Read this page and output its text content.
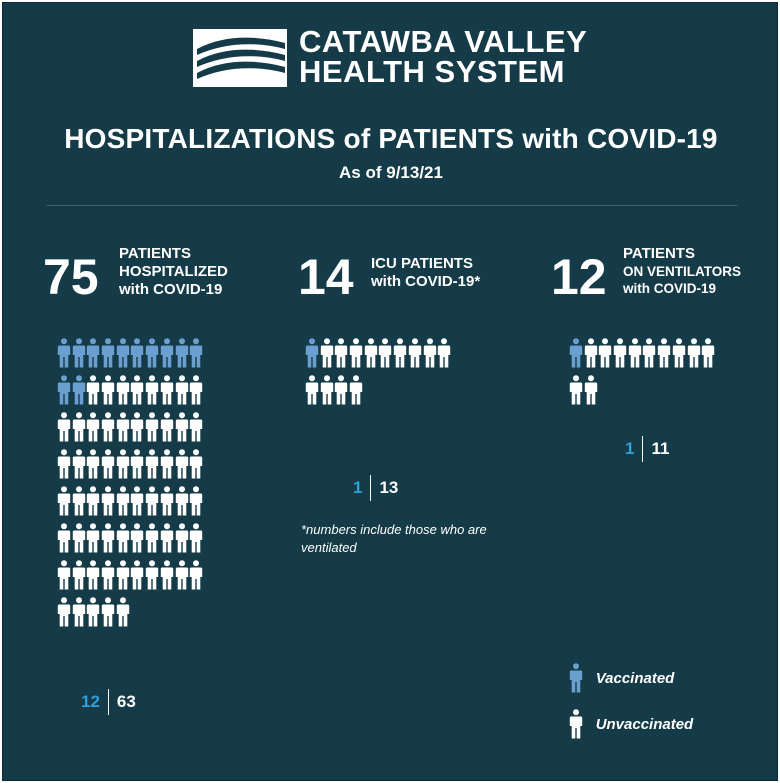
CATAWBA VALLEY
HEALTH SYSTEM
HOSPITALIZATIONS of PATIENTS with COVID-19
As of 9/13/21
75 PATIENTS
HOSPITALIZED
with COVID-19
12 63
14 ICU PATIENTS
with COVID-19*
1 13
*numbers include those who are ventilated
12 PATIENTS
ON VENTILATORS
with COVID-19
1 11
Vaccinated
Unvaccinated
